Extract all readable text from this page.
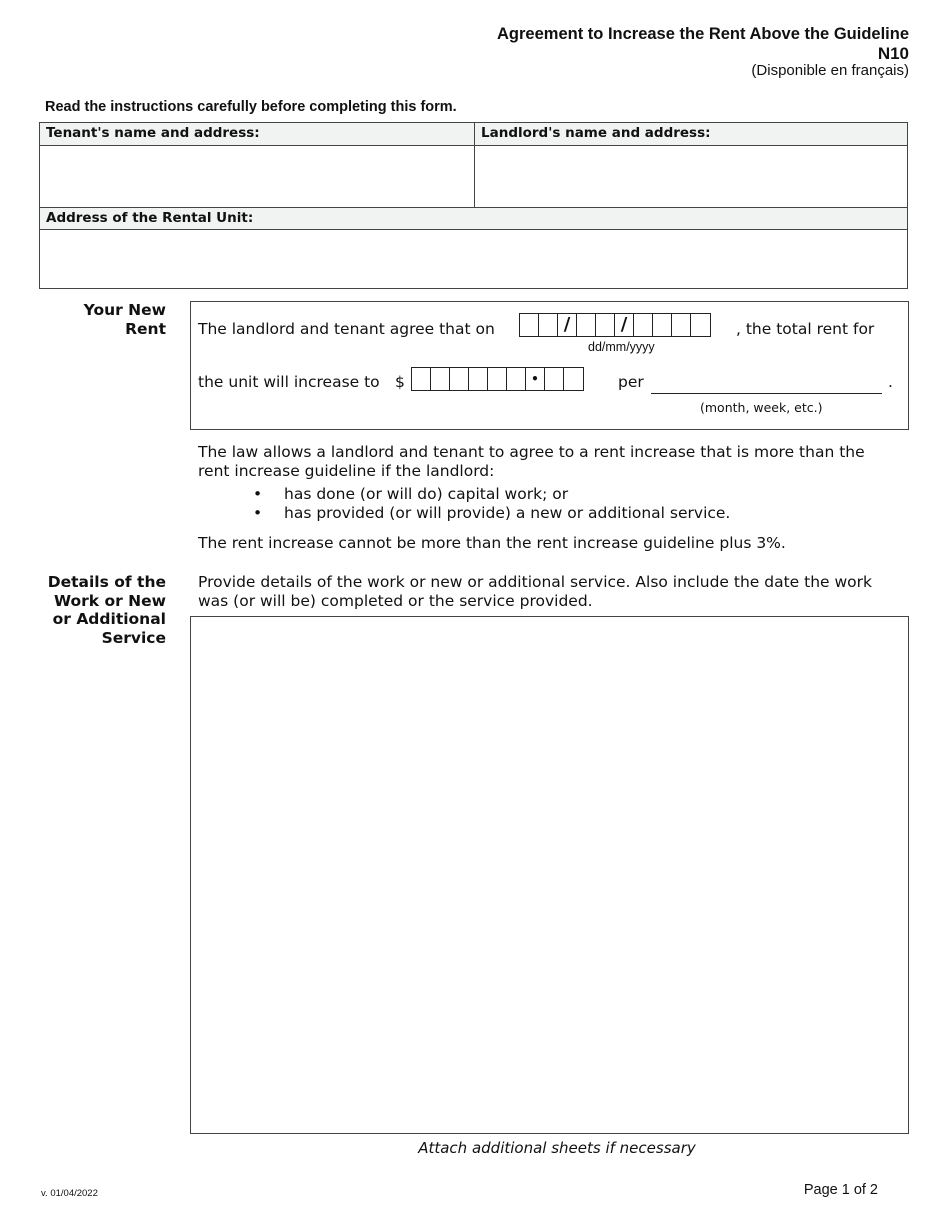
Agreement to Increase the Rent Above the Guideline
N10
(Disponible en français)
Read the instructions carefully before completing this form.
Tenant's name and address:	Landlord's name and address:
Address of the Rental Unit:
Your New Rent The landlord and tenant agree that on	/	/	, the total rent for
dd/mm/yyyy
the unit will increase to $	•	per	.
(month, week, etc.)
The law allows a landlord and tenant to agree to a rent increase that is more than the rent increase guideline if the landlord:
• has done (or will do) capital work; or
• has provided (or will provide) a new or additional service.
The rent increase cannot be more than the rent increase guideline plus 3%.
Details of the Work or New or Additional Service
Provide details of the work or new or additional service. Also include the date the work was (or will be) completed or the service provided.
Attach additional sheets if necessary
v. 01/04/2022	Page 1 of 2
